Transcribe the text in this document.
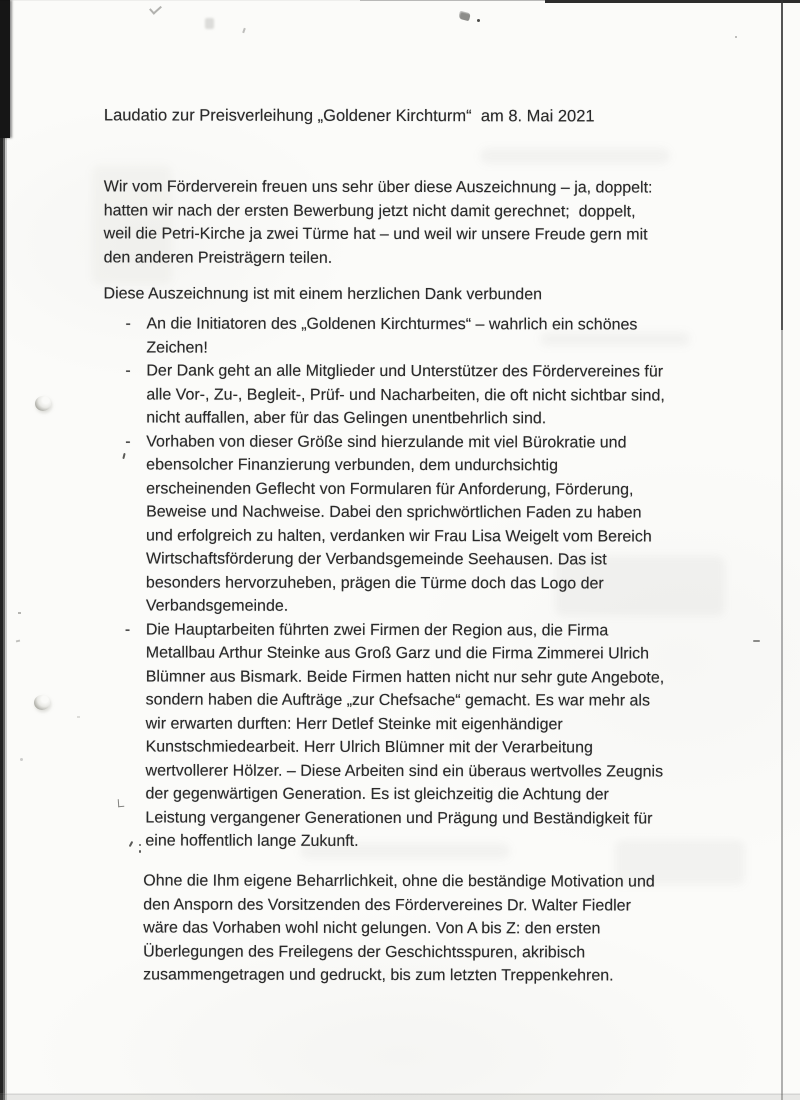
Laudatio zur Preisverleihung „Goldener Kirchturm“  am 8. Mai 2021
Wir vom Förderverein freuen uns sehr über diese Auszeichnung – ja, doppelt:
hatten wir nach der ersten Bewerbung jetzt nicht damit gerechnet;  doppelt,
weil die Petri-Kirche ja zwei Türme hat – und weil wir unsere Freude gern mit
den anderen Preisträgern teilen.
Diese Auszeichnung ist mit einem herzlichen Dank verbunden
- An die Initiatoren des „Goldenen Kirchturmes“ – wahrlich ein schönes
Zeichen!
- Der Dank geht an alle Mitglieder und Unterstützer des Fördervereines für
alle Vor-, Zu-, Begleit-, Prüf- und Nacharbeiten, die oft nicht sichtbar sind,
nicht auffallen, aber für das Gelingen unentbehrlich sind.
- Vorhaben von dieser Größe sind hierzulande mit viel Bürokratie und
ebensolcher Finanzierung verbunden, dem undurchsichtig
erscheinenden Geflecht von Formularen für Anforderung, Förderung,
Beweise und Nachweise. Dabei den sprichwörtlichen Faden zu haben
und erfolgreich zu halten, verdanken wir Frau Lisa Weigelt vom Bereich
Wirtschaftsförderung der Verbandsgemeinde Seehausen. Das ist
besonders hervorzuheben, prägen die Türme doch das Logo der
Verbandsgemeinde.
- Die Hauptarbeiten führten zwei Firmen der Region aus, die Firma
Metallbau Arthur Steinke aus Groß Garz und die Firma Zimmerei Ulrich
Blümner aus Bismark. Beide Firmen hatten nicht nur sehr gute Angebote,
sondern haben die Aufträge „zur Chefsache“ gemacht. Es war mehr als
wir erwarten durften: Herr Detlef Steinke mit eigenhändiger
Kunstschmiedearbeit. Herr Ulrich Blümner mit der Verarbeitung
wertvollerer Hölzer. – Diese Arbeiten sind ein überaus wertvolles Zeugnis
der gegenwärtigen Generation. Es ist gleichzeitig die Achtung der
Leistung vergangener Generationen und Prägung und Beständigkeit für
eine hoffentlich lange Zukunft.
Ohne die Ihm eigene Beharrlichkeit, ohne die beständige Motivation und
den Ansporn des Vorsitzenden des Fördervereines Dr. Walter Fiedler
wäre das Vorhaben wohl nicht gelungen. Von A bis Z: den ersten
Überlegungen des Freilegens der Geschichtsspuren, akribisch
zusammengetragen und gedruckt, bis zum letzten Treppenkehren.
